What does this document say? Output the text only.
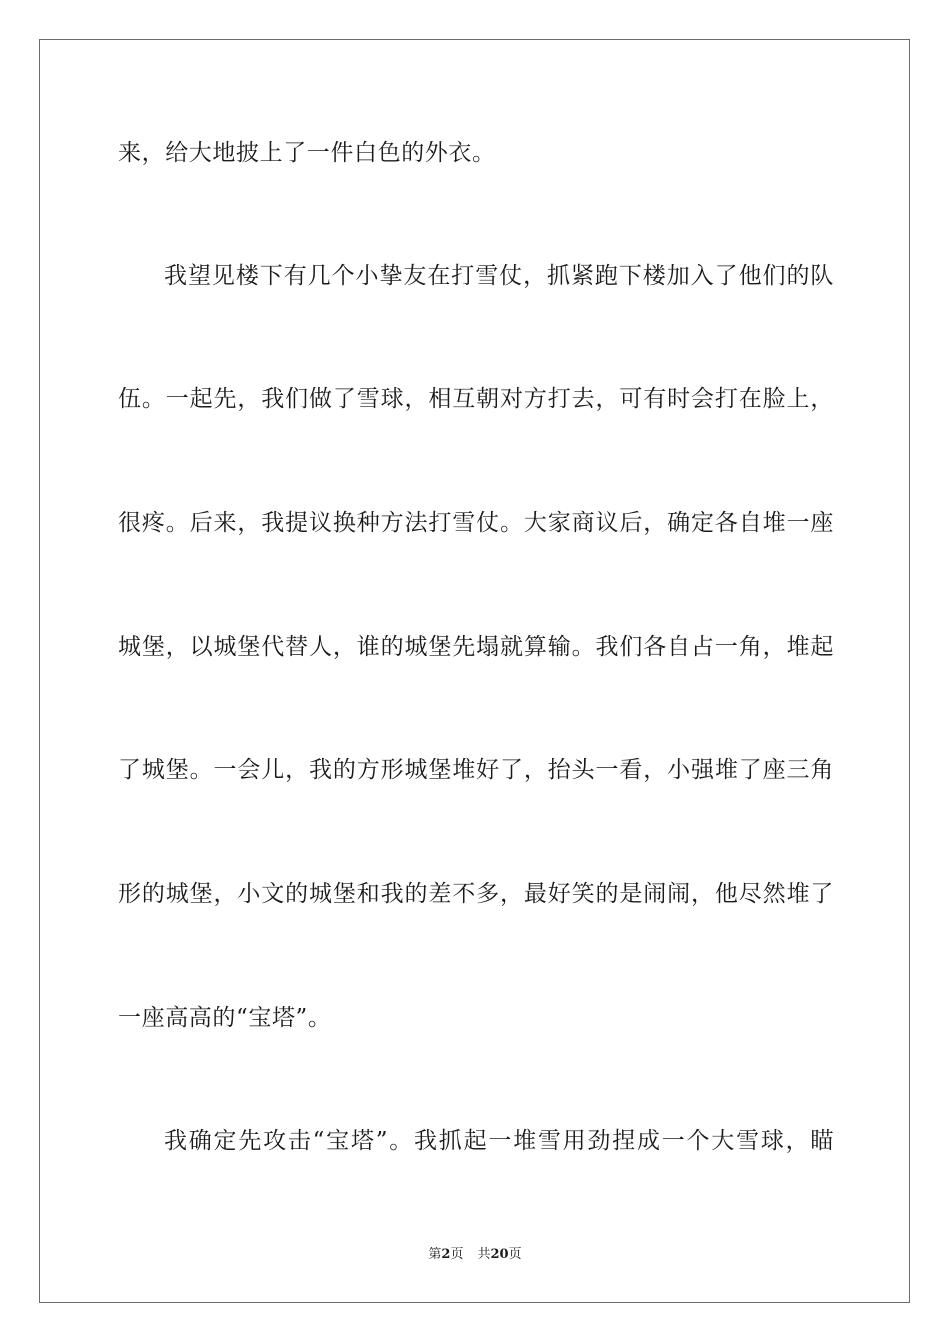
来，给大地披上了一件白色的外衣。
我望见楼下有几个小挚友在打雪仗，抓紧跑下楼加入了他们的队
伍。一起先，我们做了雪球，相互朝对方打去，可有时会打在脸上，
很疼。后来，我提议换种方法打雪仗。大家商议后，确定各自堆一座
城堡，以城堡代替人，谁的城堡先塌就算输。我们各自占一角，堆起
了城堡。一会儿，我的方形城堡堆好了，抬头一看，小强堆了座三角
形的城堡，小文的城堡和我的差不多，最好笑的是闹闹，他尽然堆了
一座高高的“宝塔”。
我确定先攻击“宝塔”。我抓起一堆雪用劲捏成一个大雪球，瞄
第2页 共20页
